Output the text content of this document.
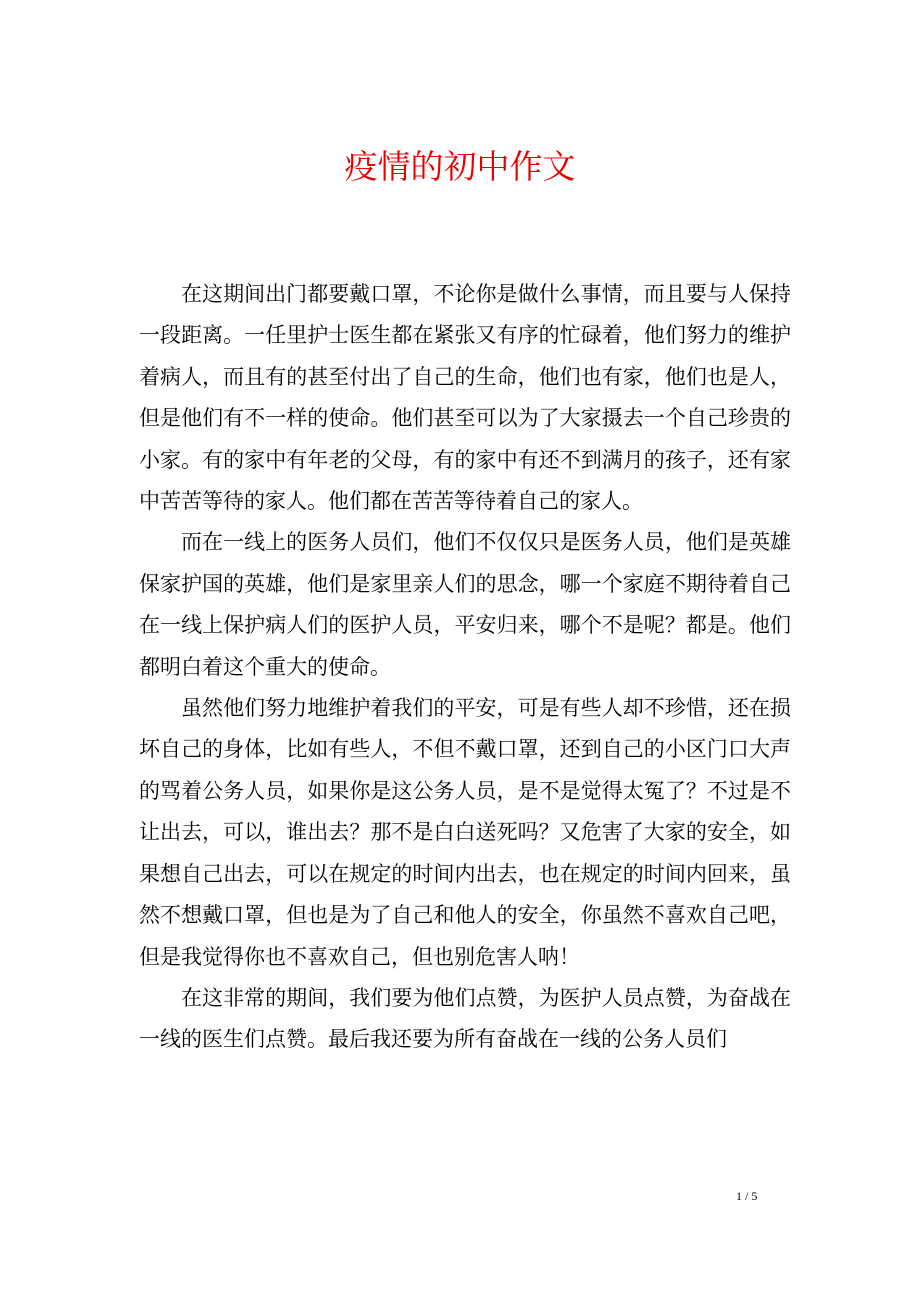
疫情的初中作文

在这期间出门都要戴口罩，不论你是做什么事情，而且要与人保持一段距离。一任里护士医生都在紧张又有序的忙碌着，他们努力的维护着病人，而且有的甚至付出了自己的生命，他们也有家，他们也是人，但是他们有不一样的使命。他们甚至可以为了大家摄去一个自己珍贵的小家。有的家中有年老的父母，有的家中有还不到满月的孩子，还有家中苦苦等待的家人。他们都在苦苦等待着自己的家人。

而在一线上的医务人员们，他们不仅仅只是医务人员，他们是英雄保家护国的英雄，他们是家里亲人们的思念，哪一个家庭不期待着自己在一线上保护病人们的医护人员，平安归来，哪个不是呢？都是。他们都明白着这个重大的使命。

虽然他们努力地维护着我们的平安，可是有些人却不珍惜，还在损坏自己的身体，比如有些人，不但不戴口罩，还到自己的小区门口大声的骂着公务人员，如果你是这公务人员，是不是觉得太冤了？不过是不让出去，可以，谁出去？那不是白白送死吗？又危害了大家的安全，如果想自己出去，可以在规定的时间内出去，也在规定的时间内回来，虽然不想戴口罩，但也是为了自己和他人的安全，你虽然不喜欢自己吧，但是我觉得你也不喜欢自己，但也别危害人呐！

在这非常的期间，我们要为他们点赞，为医护人员点赞，为奋战在一线的医生们点赞。最后我还要为所有奋战在一线的公务人员们

1 / 5
